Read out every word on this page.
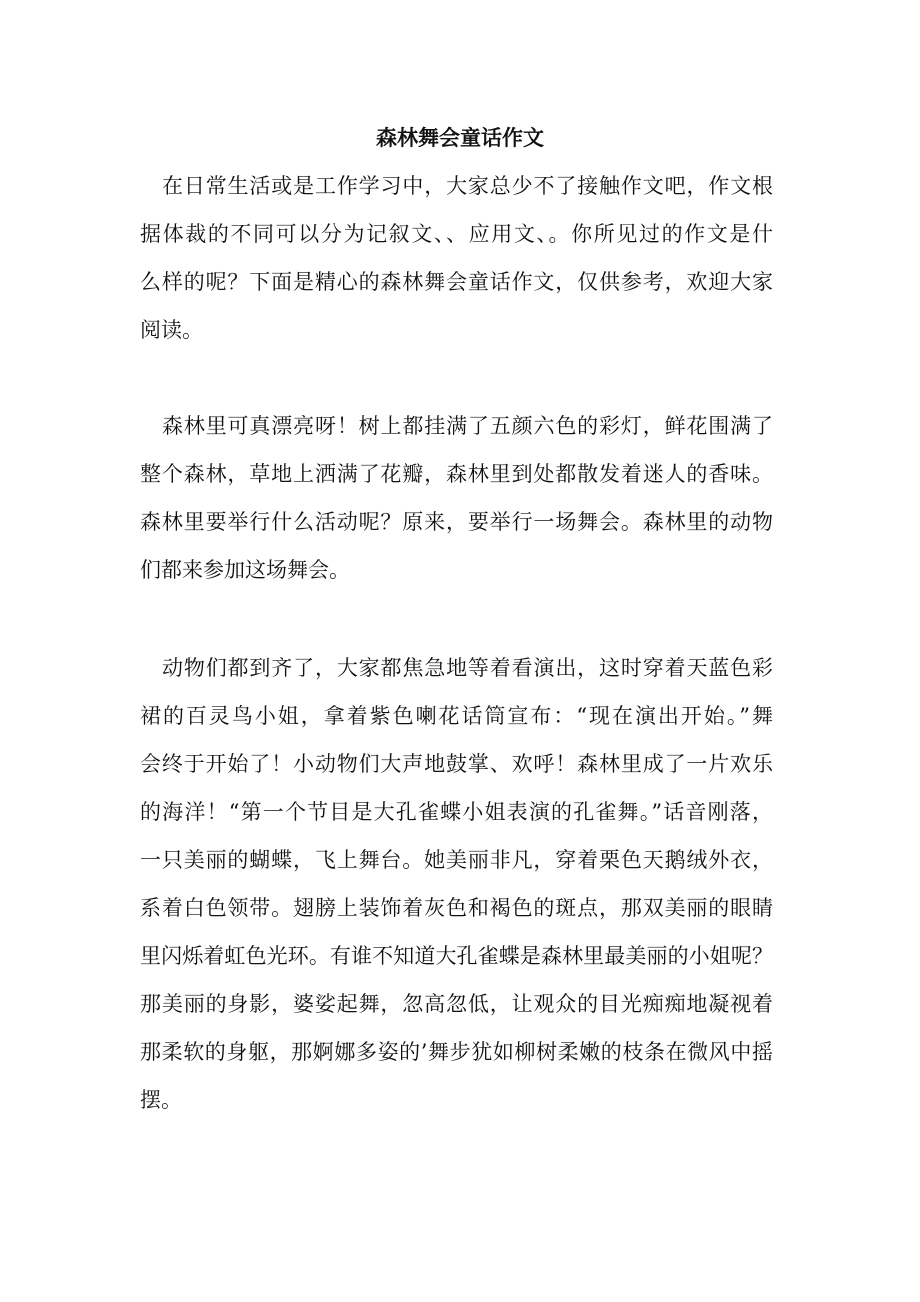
森林舞会童话作文
在日常生活或是工作学习中，大家总少不了接触作文吧，作文根
据体裁的不同可以分为记叙文、、应用文、。你所见过的作文是什
么样的呢？下面是精心的森林舞会童话作文，仅供参考，欢迎大家
阅读。
森林里可真漂亮呀！树上都挂满了五颜六色的彩灯，鲜花围满了
整个森林，草地上洒满了花瓣，森林里到处都散发着迷人的香味。
森林里要举行什么活动呢？原来，要举行一场舞会。森林里的动物
们都来参加这场舞会。
动物们都到齐了，大家都焦急地等着看演出，这时穿着天蓝色彩
裙的百灵鸟小姐，拿着紫色喇花话筒宣布：“现在演出开始。”舞
会终于开始了！小动物们大声地鼓掌、欢呼！森林里成了一片欢乐
的海洋！“第一个节目是大孔雀蝶小姐表演的孔雀舞。”话音刚落，
一只美丽的蝴蝶，飞上舞台。她美丽非凡，穿着栗色天鹅绒外衣，
系着白色领带。翅膀上装饰着灰色和褐色的斑点，那双美丽的眼睛
里闪烁着虹色光环。有谁不知道大孔雀蝶是森林里最美丽的小姐呢？
那美丽的身影，婆娑起舞，忽高忽低，让观众的目光痴痴地凝视着
那柔软的身躯，那婀娜多姿的’舞步犹如柳树柔嫩的枝条在微风中摇
摆。
